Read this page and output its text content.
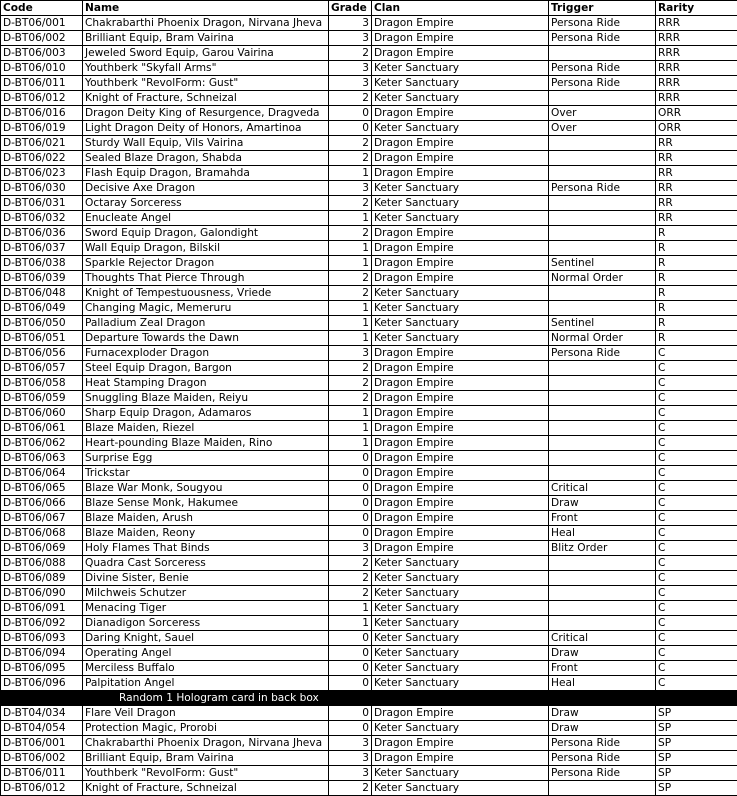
Code	Name	Grade	Clan	Trigger	Rarity
D-BT06/001	Chakrabarthi Phoenix Dragon, Nirvana Jheva	3	Dragon Empire	Persona Ride	RRR
D-BT06/002	Brilliant Equip, Bram Vairina	3	Dragon Empire	Persona Ride	RRR
D-BT06/003	Jeweled Sword Equip, Garou Vairina	2	Dragon Empire		RRR
D-BT06/010	Youthberk "Skyfall Arms"	3	Keter Sanctuary	Persona Ride	RRR
D-BT06/011	Youthberk "RevolForm: Gust"	3	Keter Sanctuary	Persona Ride	RRR
D-BT06/012	Knight of Fracture, Schneizal	2	Keter Sanctuary		RRR
D-BT06/016	Dragon Deity King of Resurgence, Dragveda	0	Dragon Empire	Over	ORR
D-BT06/019	Light Dragon Deity of Honors, Amartinoa	0	Keter Sanctuary	Over	ORR
D-BT06/021	Sturdy Wall Equip, Vils Vairina	2	Dragon Empire		RR
D-BT06/022	Sealed Blaze Dragon, Shabda	2	Dragon Empire		RR
D-BT06/023	Flash Equip Dragon, Bramahda	1	Dragon Empire		RR
D-BT06/030	Decisive Axe Dragon	3	Keter Sanctuary	Persona Ride	RR
D-BT06/031	Octaray Sorceress	2	Keter Sanctuary		RR
D-BT06/032	Enucleate Angel	1	Keter Sanctuary		RR
D-BT06/036	Sword Equip Dragon, Galondight	2	Dragon Empire		R
D-BT06/037	Wall Equip Dragon, Bilskil	1	Dragon Empire		R
D-BT06/038	Sparkle Rejector Dragon	1	Dragon Empire	Sentinel	R
D-BT06/039	Thoughts That Pierce Through	2	Dragon Empire	Normal Order	R
D-BT06/048	Knight of Tempestuousness, Vriede	2	Keter Sanctuary		R
D-BT06/049	Changing Magic, Memeruru	1	Keter Sanctuary		R
D-BT06/050	Palladium Zeal Dragon	1	Keter Sanctuary	Sentinel	R
D-BT06/051	Departure Towards the Dawn	1	Keter Sanctuary	Normal Order	R
D-BT06/056	Furnacexploder Dragon	3	Dragon Empire	Persona Ride	C
D-BT06/057	Steel Equip Dragon, Bargon	2	Dragon Empire		C
D-BT06/058	Heat Stamping Dragon	2	Dragon Empire		C
D-BT06/059	Snuggling Blaze Maiden, Reiyu	2	Dragon Empire		C
D-BT06/060	Sharp Equip Dragon, Adamaros	1	Dragon Empire		C
D-BT06/061	Blaze Maiden, Riezel	1	Dragon Empire		C
D-BT06/062	Heart-pounding Blaze Maiden, Rino	1	Dragon Empire		C
D-BT06/063	Surprise Egg	0	Dragon Empire		C
D-BT06/064	Trickstar	0	Dragon Empire		C
D-BT06/065	Blaze War Monk, Sougyou	0	Dragon Empire	Critical	C
D-BT06/066	Blaze Sense Monk, Hakumee	0	Dragon Empire	Draw	C
D-BT06/067	Blaze Maiden, Arush	0	Dragon Empire	Front	C
D-BT06/068	Blaze Maiden, Reony	0	Dragon Empire	Heal	C
D-BT06/069	Holy Flames That Binds	3	Dragon Empire	Blitz Order	C
D-BT06/088	Quadra Cast Sorceress	2	Keter Sanctuary		C
D-BT06/089	Divine Sister, Benie	2	Keter Sanctuary		C
D-BT06/090	Milchweis Schutzer	2	Keter Sanctuary		C
D-BT06/091	Menacing Tiger	1	Keter Sanctuary		C
D-BT06/092	Dianadigon Sorceress	1	Keter Sanctuary		C
D-BT06/093	Daring Knight, Sauel	0	Keter Sanctuary	Critical	C
D-BT06/094	Operating Angel	0	Keter Sanctuary	Draw	C
D-BT06/095	Merciless Buffalo	0	Keter Sanctuary	Front	C
D-BT06/096	Palpitation Angel	0	Keter Sanctuary	Heal	C
Random 1 Hologram card in back box					
D-BT04/034	Flare Veil Dragon	0	Dragon Empire	Draw	SP
D-BT04/054	Protection Magic, Prorobi	0	Keter Sanctuary	Draw	SP
D-BT06/001	Chakrabarthi Phoenix Dragon, Nirvana Jheva	3	Dragon Empire	Persona Ride	SP
D-BT06/002	Brilliant Equip, Bram Vairina	3	Dragon Empire	Persona Ride	SP
D-BT06/011	Youthberk "RevolForm: Gust"	3	Keter Sanctuary	Persona Ride	SP
D-BT06/012	Knight of Fracture, Schneizal	2	Keter Sanctuary		SP
